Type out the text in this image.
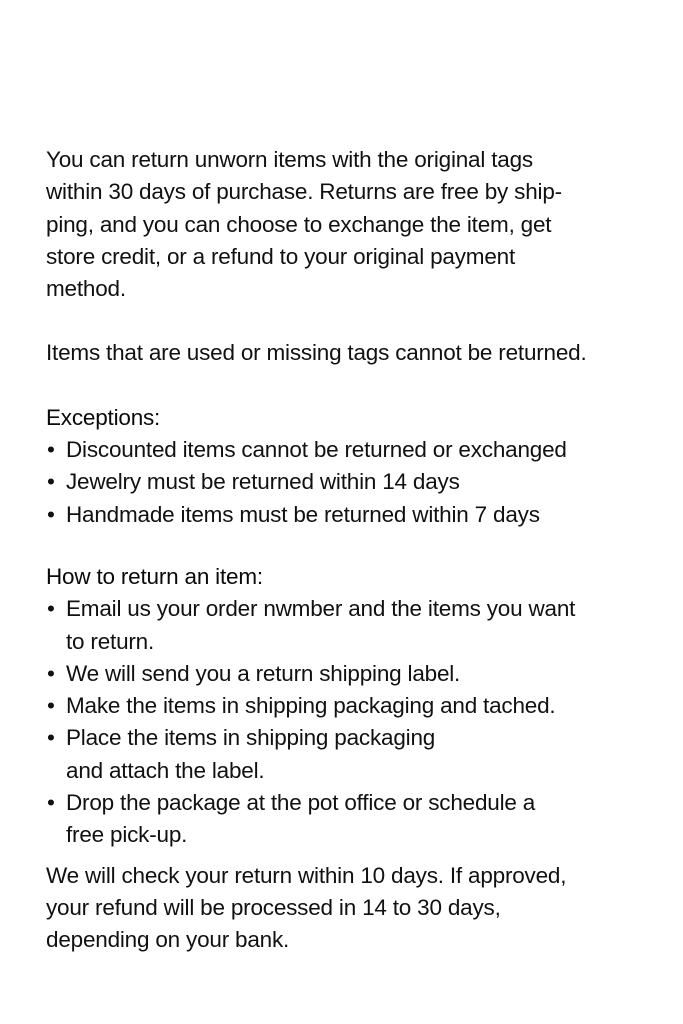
You can return unworn items with the original tags
within 30 days of purchase. Returns are free by ship-
ping, and you can choose to exchange the item, get
store credit, or a refund to your original payment
method.

Items that are used or missing tags cannot be returned.

Exceptions:

• Discounted items cannot be returned or exchanged
• Jewelry must be returned within 14 days
• Handmade items must be returned within 7 days

How to return an item:

• Email us your order nwmber and the items you want
to return.
• We will send you a return shipping label.
• Make the items in shipping packaging and tached.
• Place the items in shipping packaging
and attach the label.
• Drop the package at the pot office or schedule a
free pick-up.

We will check your return within 10 days. If approved,
your refund will be processed in 14 to 30 days,
depending on your bank.
